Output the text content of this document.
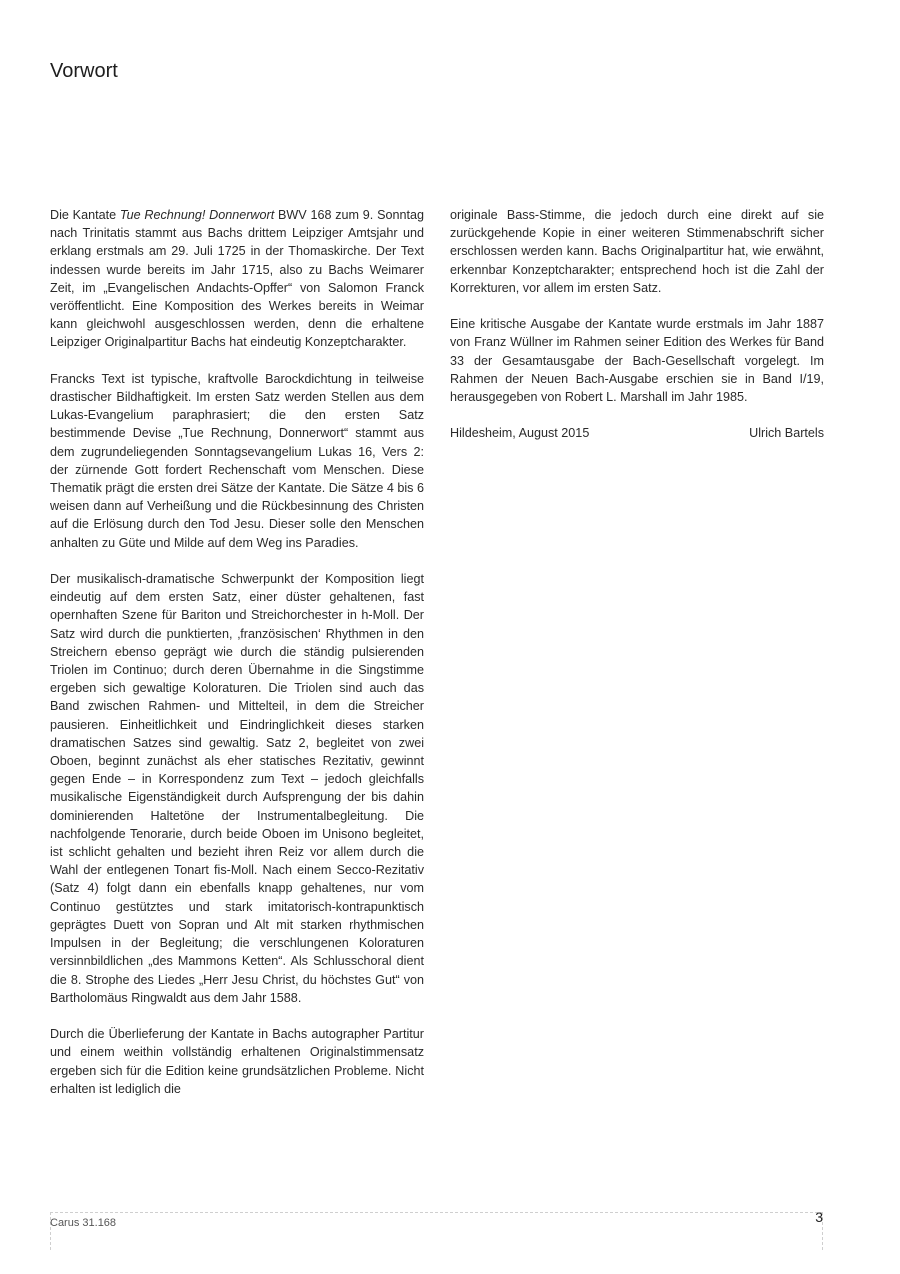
Vorwort

Die Kantate Tue Rechnung! Donnerwort BWV 168 zum 9. Sonntag nach Trinitatis stammt aus Bachs drittem Leipziger Amtsjahr und erklang erstmals am 29. Juli 1725 in der Thomaskirche. Der Text indessen wurde bereits im Jahr 1715, also zu Bachs Weimarer Zeit, im „Evangelischen Andachts-Opffer“ von Salomon Franck veröffentlicht. Eine Komposition des Werkes bereits in Weimar kann gleichwohl ausgeschlossen werden, denn die erhaltene Leipziger Originalpartitur Bachs hat eindeutig Konzeptcharakter.

Francks Text ist typische, kraftvolle Barockdichtung in teilweise drastischer Bildhaftigkeit. Im ersten Satz werden Stellen aus dem Lukas-Evangelium paraphrasiert; die den ersten Satz bestimmende Devise „Tue Rechnung, Donnerwort“ stammt aus dem zugrundeliegenden Sonntagsevangelium Lukas 16, Vers 2: der zürnende Gott fordert Rechenschaft vom Menschen. Diese Thematik prägt die ersten drei Sätze der Kantate. Die Sätze 4 bis 6 weisen dann auf Verheißung und die Rückbesinnung des Christen auf die Erlösung durch den Tod Jesu. Dieser solle den Menschen anhalten zu Güte und Milde auf dem Weg ins Paradies.

Der musikalisch-dramatische Schwerpunkt der Komposition liegt eindeutig auf dem ersten Satz, einer düster gehaltenen, fast opernhaften Szene für Bariton und Streichorchester in h-Moll. Der Satz wird durch die punktierten, ‚französischen‘ Rhythmen in den Streichern ebenso geprägt wie durch die ständig pulsierenden Triolen im Continuo; durch deren Übernahme in die Singstimme ergeben sich gewaltige Koloraturen. Die Triolen sind auch das Band zwischen Rahmen- und Mittelteil, in dem die Streicher pausieren. Einheitlichkeit und Eindringlichkeit dieses starken dramatischen Satzes sind gewaltig. Satz 2, begleitet von zwei Oboen, beginnt zunächst als eher statisches Rezitativ, gewinnt gegen Ende – in Korrespondenz zum Text – jedoch gleichfalls musikalische Eigenständigkeit durch Aufsprengung der bis dahin dominierenden Haltetöne der Instrumentalbegleitung. Die nachfolgende Tenorarie, durch beide Oboen im Unisono begleitet, ist schlicht gehalten und bezieht ihren Reiz vor allem durch die Wahl der entlegenen Tonart fis-Moll. Nach einem Secco-Rezitativ (Satz 4) folgt dann ein ebenfalls knapp gehaltenes, nur vom Continuo gestütztes und stark imitatorisch-kontrapunktisch geprägtes Duett von Sopran und Alt mit starken rhythmischen Impulsen in der Begleitung; die verschlungenen Koloraturen versinnbildlichen „des Mammons Ketten“. Als Schlusschoral dient die 8. Strophe des Liedes „Herr Jesu Christ, du höchstes Gut“ von Bartholomäus Ringwaldt aus dem Jahr 1588.

Durch die Überlieferung der Kantate in Bachs autographer Partitur und einem weithin vollständig erhaltenen Originalstimmensatz ergeben sich für die Edition keine grundsätzlichen Probleme. Nicht erhalten ist lediglich die

originale Bass-Stimme, die jedoch durch eine direkt auf sie zurückgehende Kopie in einer weiteren Stimmenabschrift sicher erschlossen werden kann. Bachs Originalpartitur hat, wie erwähnt, erkennbar Konzeptcharakter; entsprechend hoch ist die Zahl der Korrekturen, vor allem im ersten Satz.

Eine kritische Ausgabe der Kantate wurde erstmals im Jahr 1887 von Franz Wüllner im Rahmen seiner Edition des Werkes für Band 33 der Gesamtausgabe der Bach-Gesellschaft vorgelegt. Im Rahmen der Neuen Bach-Ausgabe erschien sie in Band I/19, herausgegeben von Robert L. Marshall im Jahr 1985.

Hildesheim, August 2015	Ulrich Bartels
Carus 31.168	3
